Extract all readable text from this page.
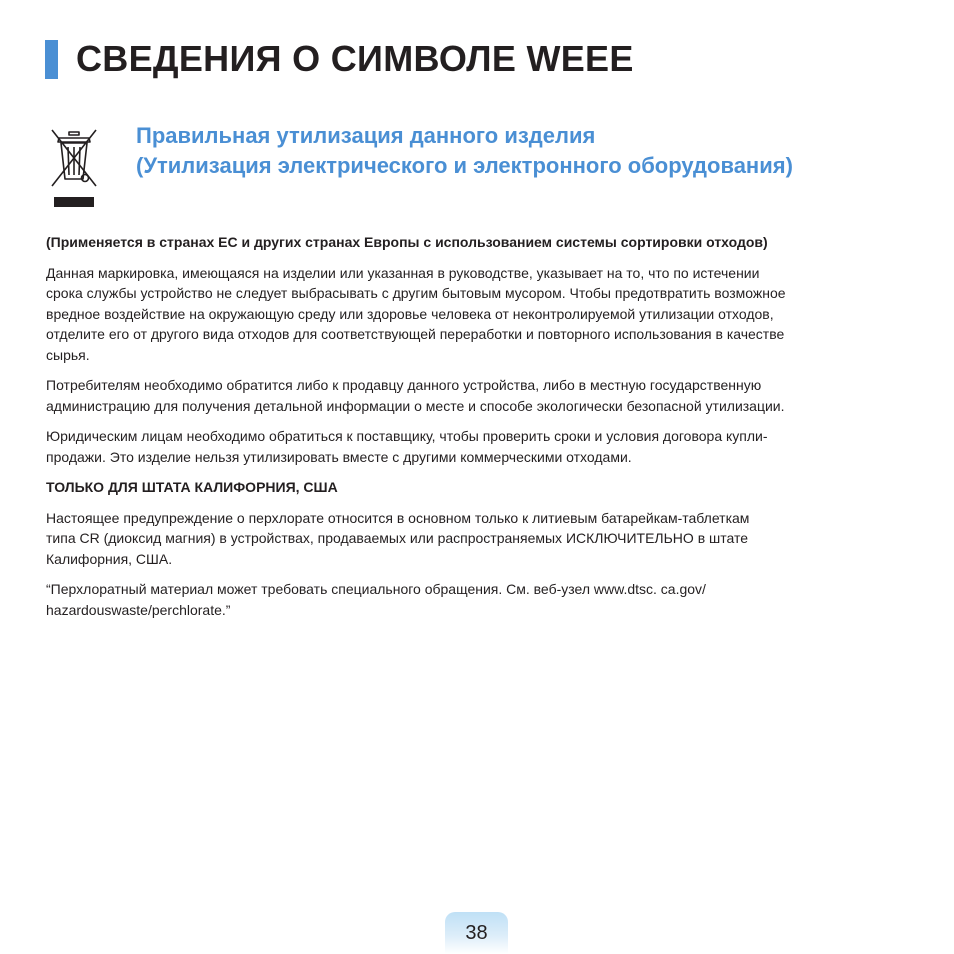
СВЕДЕНИЯ О СИМВОЛЕ WEEE
Правильная утилизация данного изделия
(Утилизация электрического и электронного оборудования)

(Применяется в странах ЕС и других странах Европы с использованием системы сортировки отходов)

Данная маркировка, имеющаяся на изделии или указанная в руководстве, указывает на то, что по истечении
срока службы устройство не следует выбрасывать с другим бытовым мусором. Чтобы предотвратить возможное
вредное воздействие на окружающую среду или здоровье человека от неконтролируемой утилизации отходов,
отделите его от другого вида отходов для соответствующей переработки и повторного использования в качестве
сырья.

Потребителям необходимо обратится либо к продавцу данного устройства, либо в местную государственную
администрацию для получения детальной информации о месте и способе экологически безопасной утилизации.

Юридическим лицам необходимо обратиться к поставщику, чтобы проверить сроки и условия договора купли-
продажи. Это изделие нельзя утилизировать вместе с другими коммерческими отходами.

ТОЛЬКО ДЛЯ ШТАТА КАЛИФОРНИЯ, США

Настоящее предупреждение о перхлорате относится в основном только к литиевым батарейкам-таблеткам
типа CR (диоксид магния) в устройствах, продаваемых или распространяемых ИСКЛЮЧИТЕЛЬНО в штате
Калифорния, США.

“Перхлоратный материал может требовать специального обращения. См. веб-узел www.dtsc. ca.gov/
hazardouswaste/perchlorate.”

38
